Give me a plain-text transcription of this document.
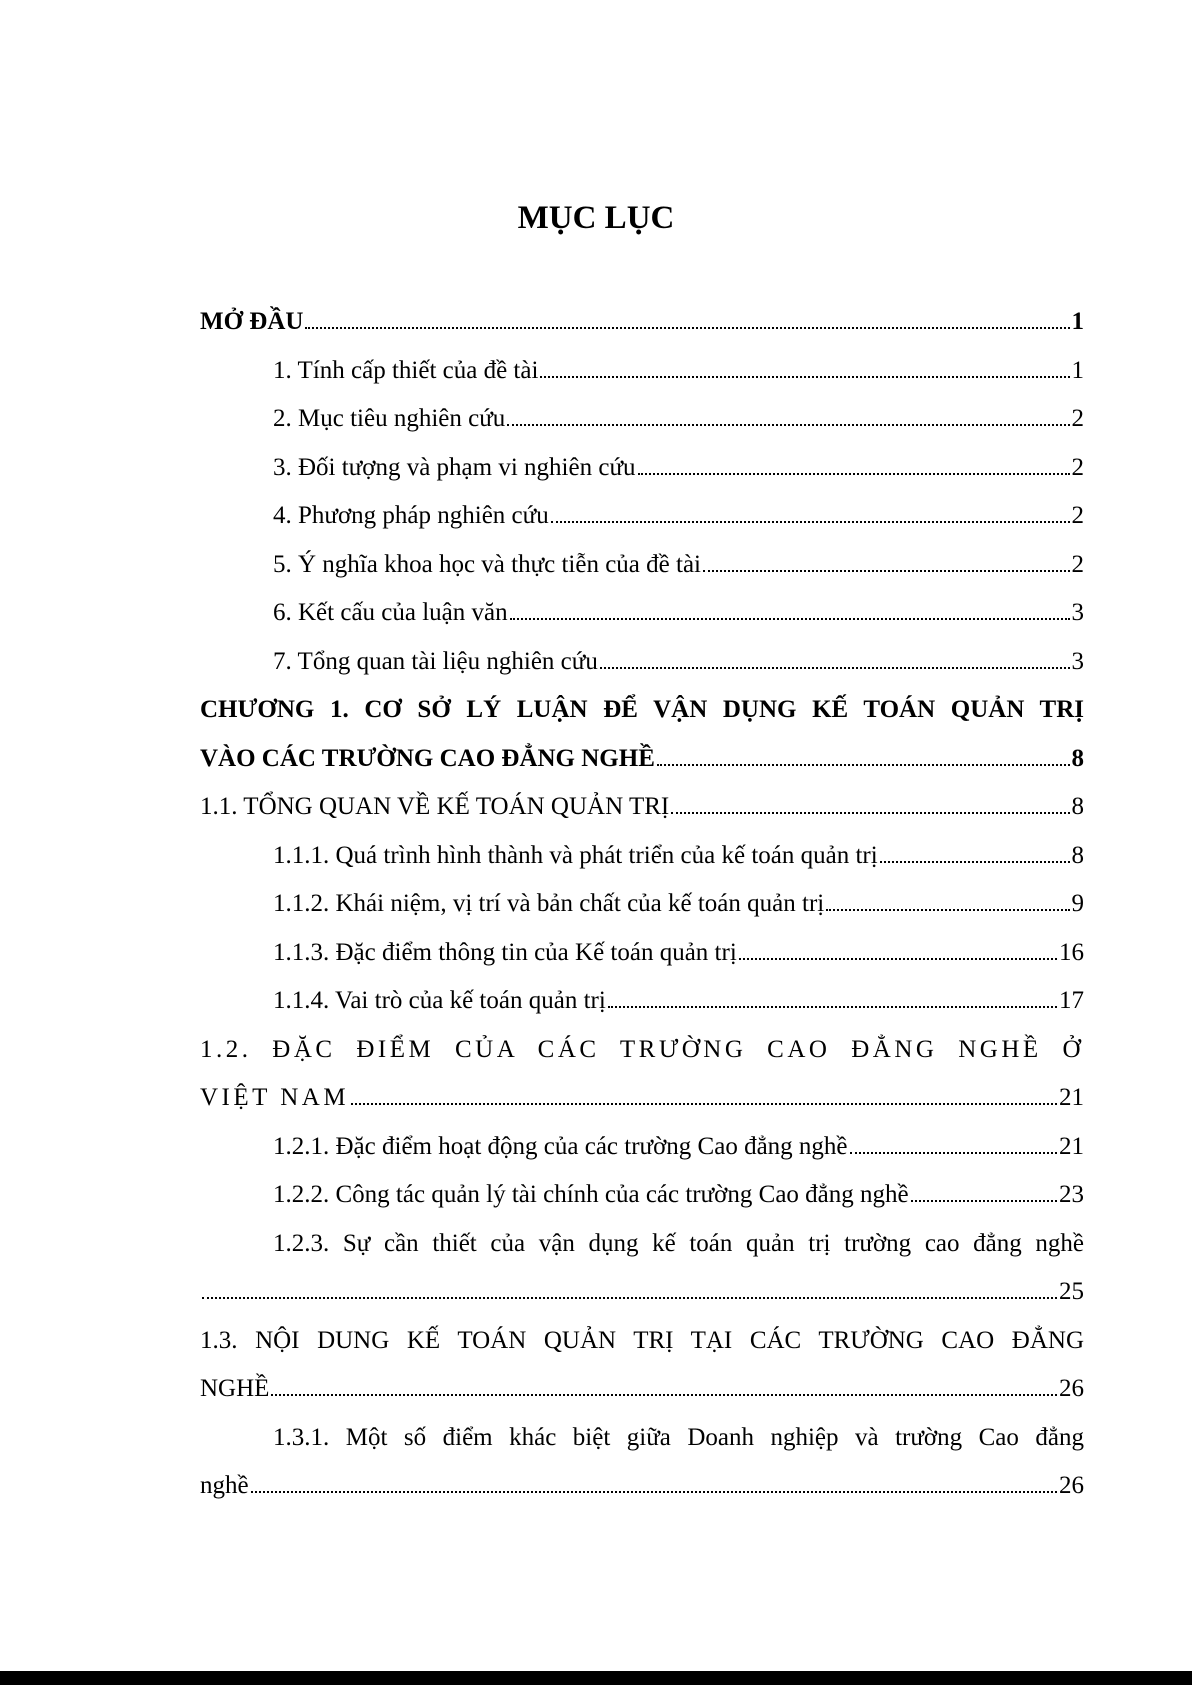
MỤC LỤC
MỞ ĐẦU	1
1. Tính cấp thiết của đề tài	1
2. Mục tiêu nghiên cứu	2
3. Đối tượng và phạm vi nghiên cứu	2
4. Phương pháp nghiên cứu	2
5. Ý nghĩa khoa học và thực tiễn của đề tài	2
6. Kết cấu của luận văn	3
7. Tổng quan tài liệu nghiên cứu	3
CHƯƠNG 1. CƠ SỞ LÝ LUẬN ĐỂ VẬN DỤNG KẾ TOÁN QUẢN TRỊ
VÀO CÁC TRƯỜNG CAO ĐẲNG NGHỀ	8
1.1. TỔNG QUAN VỀ KẾ TOÁN QUẢN TRỊ	8
1.1.1. Quá trình hình thành và phát triển của kế toán quản trị	8
1.1.2. Khái niệm, vị trí và bản chất của kế toán quản trị	9
1.1.3. Đặc điểm thông tin của Kế toán quản trị	16
1.1.4. Vai trò của kế toán quản trị	17
1.2. ĐẶC ĐIỂM CỦA CÁC TRƯỜNG CAO ĐẲNG NGHỀ Ở
VIỆT NAM	21
1.2.1. Đặc điểm hoạt động của các trường Cao đẳng nghề	21
1.2.2. Công tác quản lý tài chính của các trường Cao đẳng nghề	23
1.2.3. Sự cần thiết của vận dụng kế toán quản trị trường cao đẳng nghề
25
1.3. NỘI DUNG KẾ TOÁN QUẢN TRỊ TẠI CÁC TRƯỜNG CAO ĐẲNG
NGHỀ	26
1.3.1. Một số điểm khác biệt giữa Doanh nghiệp và trường Cao đẳng
nghề	26
